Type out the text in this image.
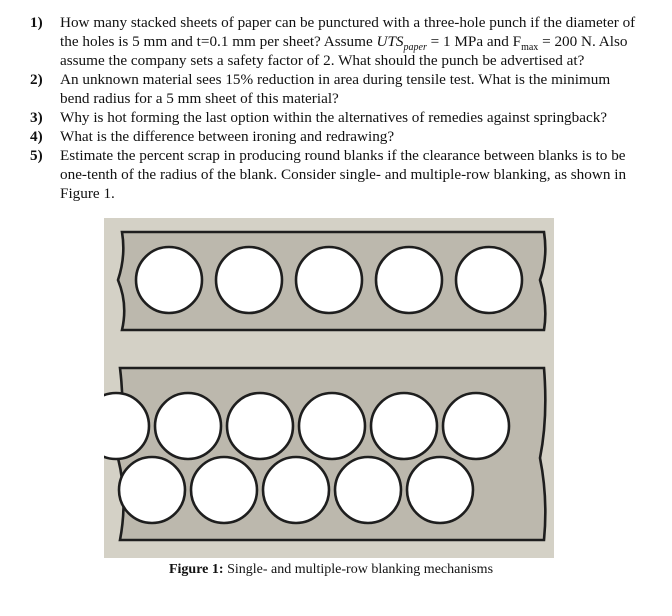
1) How many stacked sheets of paper can be punctured with a three-hole punch if the diameter of the holes is 5 mm and t=0.1 mm per sheet? Assume $UTS_{paper} = 1$ MPa and $F_{max} = 200$ N. Also assume the company sets a safety factor of 2. What should the punch be advertised at?
2) An unknown material sees 15% reduction in area during tensile test. What is the minimum bend radius for a 5 mm sheet of this material?
3) Why is hot forming the last option within the alternatives of remedies against springback?
4) What is the difference between ironing and redrawing?
5) Estimate the percent scrap in producing round blanks if the clearance between blanks is to be one-tenth of the radius of the blank. Consider single- and multiple-row blanking, as shown in Figure 1.
Figure 1: Single- and multiple-row blanking mechanisms
